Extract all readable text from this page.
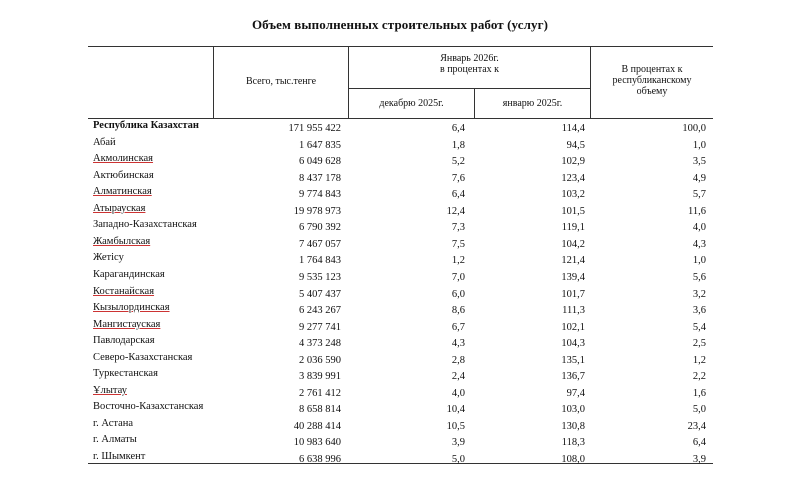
Объем выполненных строительных работ (услуг)
Всего, тыс.тенге
Январь 2026г.
в процентах к
декабрю 2025г.	январю 2025г.
В процентах к
республиканскому
объему
Республика Казахстан	171 955 422	6,4	114,4	100,0
Абай	1 647 835	1,8	94,5	1,0
Акмолинская	6 049 628	5,2	102,9	3,5
Актюбинская	8 437 178	7,6	123,4	4,9
Алматинская	9 774 843	6,4	103,2	5,7
Атырауская	19 978 973	12,4	101,5	11,6
Западно-Казахстанская	6 790 392	7,3	119,1	4,0
Жамбылская	7 467 057	7,5	104,2	4,3
Жетісу	1 764 843	1,2	121,4	1,0
Карагандинская	9 535 123	7,0	139,4	5,6
Костанайская	5 407 437	6,0	101,7	3,2
Кызылординская	6 243 267	8,6	111,3	3,6
Мангистауская	9 277 741	6,7	102,1	5,4
Павлодарская	4 373 248	4,3	104,3	2,5
Северо-Казахстанская	2 036 590	2,8	135,1	1,2
Туркестанская	3 839 991	2,4	136,7	2,2
Ұлытау	2 761 412	4,0	97,4	1,6
Восточно-Казахстанская	8 658 814	10,4	103,0	5,0
г. Астана	40 288 414	10,5	130,8	23,4
г. Алматы	10 983 640	3,9	118,3	6,4
г. Шымкент	6 638 996	5,0	108,0	3,9
